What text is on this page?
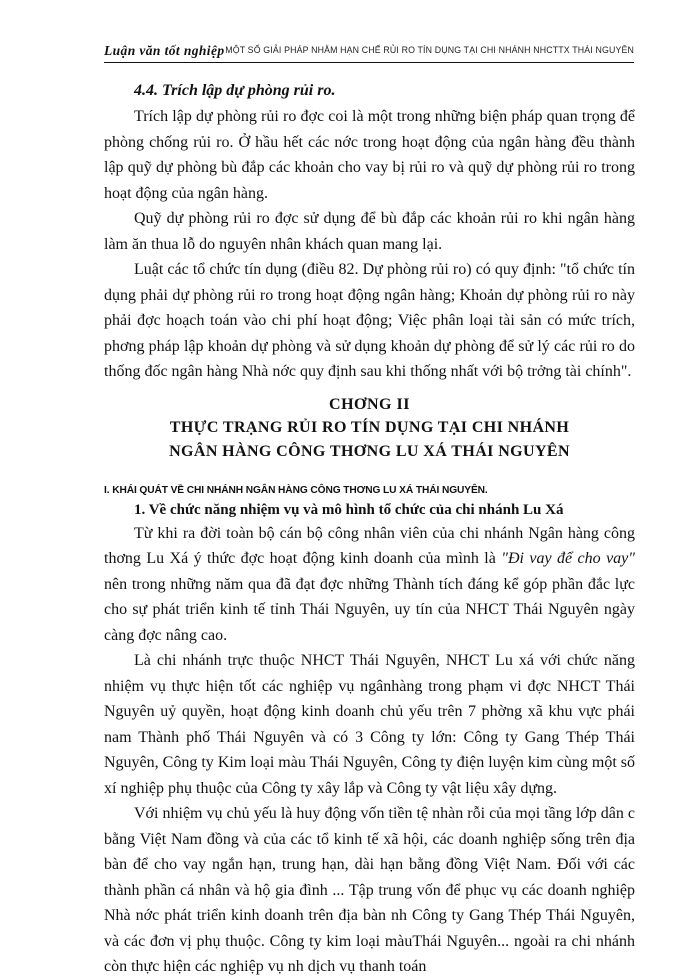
Luận văn tốt nghiệp MỘT SỐ GIẢI PHÁP NHẰM HẠN CHẾ RỦI RO TÍN DỤNG TẠI CHI NHÁNH NHCTTX THÁI NGUYÊN
4.4. Trích lập dự phòng rủi ro.

Trích lập dự phòng rủi ro đợc coi là một trong những biện pháp quan trọng để phòng chống rủi ro. Ở hầu hết các nớc trong hoạt động của ngân hàng đều thành lập quỹ dự phòng bù đắp các khoản cho vay bị rủi ro và quỹ dự phòng rủi ro trong hoạt động của ngân hàng.

Quỹ dự phòng rủi ro đợc sử dụng để bù đắp các khoản rủi ro khi ngân hàng làm ăn thua lỗ do nguyên nhân khách quan mang lại.

Luật các tổ chức tín dụng (điều 82. Dự phòng rủi ro) có quy định: "tổ chức tín dụng phải dự phòng rủi ro trong hoạt động ngân hàng; Khoản dự phòng rủi ro này phải đợc hoạch toán vào chi phí hoạt động; Việc phân loại tài sản có mức trích, phơng pháp lập khoản dự phòng và sử dụng khoản dự phòng để sử lý các rủi ro do thống đốc ngân hàng Nhà nớc quy định sau khi thống nhất với bộ trởng tài chính".

CHƠNG II
THỰC TRẠNG RỦI RO TÍN DỤNG TẠI CHI NHÁNH
NGÂN HÀNG CÔNG THƠNG LU XÁ THÁI NGUYÊN
I. KHÁI QUÁT VỀ CHI NHÁNH NGÂN HÀNG CÔNG THƠNG LU XÁ THÁI NGUYÊN.
1. Về chức năng nhiệm vụ và mô hình tổ chức của chi nhánh Lu Xá

Từ khi ra đời toàn bộ cán bộ công nhân viên của chi nhánh Ngân hàng công thơng Lu Xá ý thức đợc hoạt động kinh doanh của mình là "Đi vay để cho vay" nên trong những năm qua đã đạt đợc những Thành tích đáng kể góp phần đắc lực cho sự phát triển kinh tế tỉnh Thái Nguyên, uy tín của NHCT Thái Nguyên ngày càng đợc nâng cao.

Là chi nhánh trực thuộc NHCT Thái Nguyên, NHCT Lu xá với chức năng nhiệm vụ thực hiện tốt các nghiệp vụ ngânhàng trong phạm vi đợc NHCT Thái Nguyên uỷ quyền, hoạt động kinh doanh chủ yếu trên 7 phờng xã khu vực phái nam Thành phố Thái Nguyên và có 3 Công ty lớn: Công ty Gang Thép Thái Nguyên, Công ty Kim loại màu Thái Nguyên, Công ty điện luyện kim cùng một số xí nghiệp phụ thuộc của Công ty xây lắp và Công ty vật liệu xây dựng.

Với nhiệm vụ chủ yếu là huy động vốn tiền tệ nhàn rỗi của mọi tầng lớp dân c bằng Việt Nam đồng và của các tổ kinh tế xã hội, các doanh nghiệp sống trên địa bàn để cho vay ngắn hạn, trung hạn, dài hạn bằng đồng Việt Nam. Đối với các thành phần cá nhân và hộ gia đình ... Tập trung vốn để phục vụ các doanh nghiệp Nhà nớc phát triển kinh doanh trên địa bàn nh Công ty Gang Thép Thái Nguyên, và các đơn vị phụ thuộc. Công ty kim loại màuThái Nguyên... ngoài ra chi nhánh còn thực hiện các nghiệp vụ nh dịch vụ thanh toán
